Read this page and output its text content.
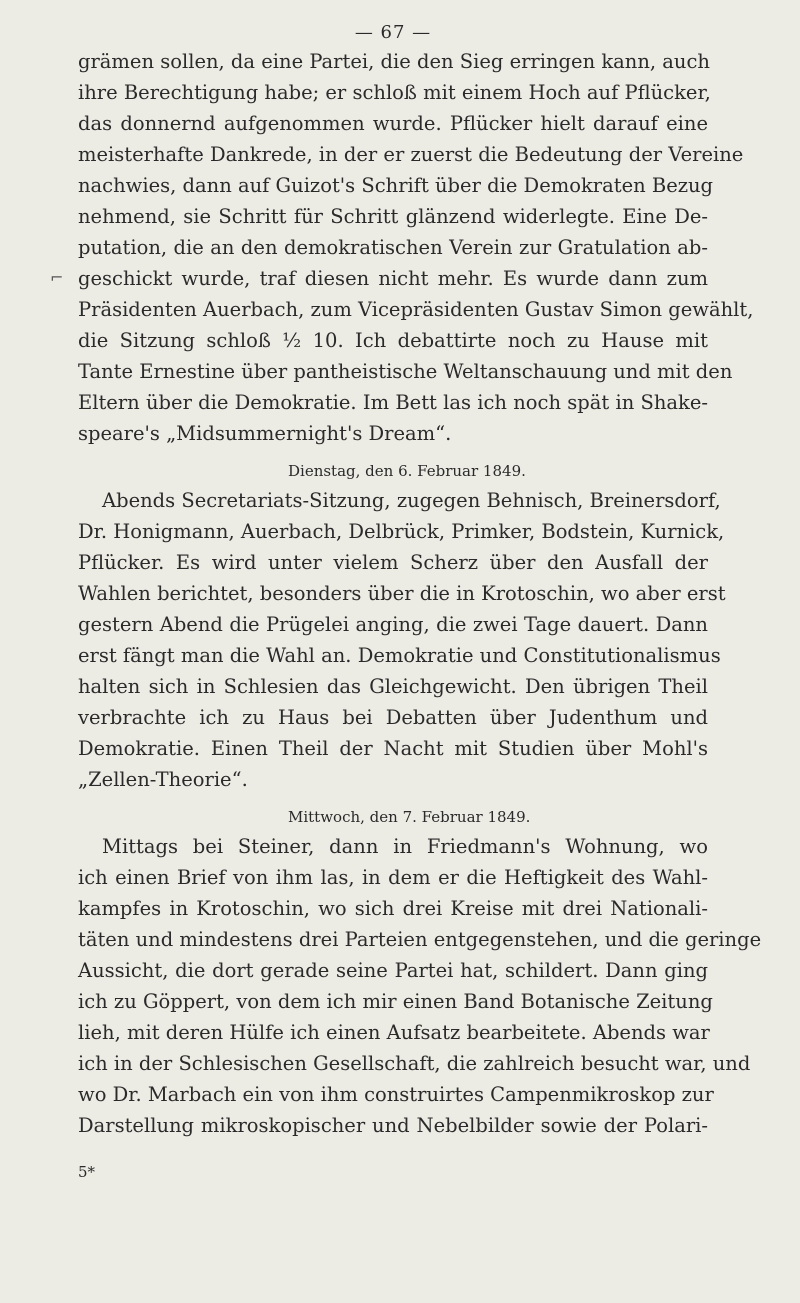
— 67 —
⌐
grämen sollen, da eine Partei, die den Sieg erringen kann, auch
ihre Berechtigung habe; er schloß mit einem Hoch auf Pflücker,
das donnernd aufgenommen wurde. Pflücker hielt darauf eine
meisterhafte Dankrede, in der er zuerst die Bedeutung der Vereine
nachwies, dann auf Guizot's Schrift über die Demokraten Bezug
nehmend, sie Schritt für Schritt glänzend widerlegte. Eine De-
putation, die an den demokratischen Verein zur Gratulation ab-
geschickt wurde, traf diesen nicht mehr. Es wurde dann zum
Präsidenten Auerbach, zum Vicepräsidenten Gustav Simon gewählt,
die Sitzung schloß ½ 10. Ich debattirte noch zu Hause mit
Tante Ernestine über pantheistische Weltanschauung und mit den
Eltern über die Demokratie. Im Bett las ich noch spät in Shake-
speare's „Midsummernight's Dream“.
Dienstag, den 6. Februar 1849.
Abends Secretariats-Sitzung, zugegen Behnisch, Breinersdorf,
Dr. Honigmann, Auerbach, Delbrück, Primker, Bodstein, Kurnick,
Pflücker. Es wird unter vielem Scherz über den Ausfall der
Wahlen berichtet, besonders über die in Krotoschin, wo aber erst
gestern Abend die Prügelei anging, die zwei Tage dauert. Dann
erst fängt man die Wahl an. Demokratie und Constitutionalismus
halten sich in Schlesien das Gleichgewicht. Den übrigen Theil
verbrachte ich zu Haus bei Debatten über Judenthum und
Demokratie. Einen Theil der Nacht mit Studien über Mohl's
„Zellen-Theorie“.
Mittwoch, den 7. Februar 1849.
Mittags bei Steiner, dann in Friedmann's Wohnung, wo
ich einen Brief von ihm las, in dem er die Heftigkeit des Wahl-
kampfes in Krotoschin, wo sich drei Kreise mit drei Nationali-
täten und mindestens drei Parteien entgegenstehen, und die geringe
Aussicht, die dort gerade seine Partei hat, schildert. Dann ging
ich zu Göppert, von dem ich mir einen Band Botanische Zeitung
lieh, mit deren Hülfe ich einen Aufsatz bearbeitete. Abends war
ich in der Schlesischen Gesellschaft, die zahlreich besucht war, und
wo Dr. Marbach ein von ihm construirtes Campenmikroskop zur
Darstellung mikroskopischer und Nebelbilder sowie der Polari-
5*
